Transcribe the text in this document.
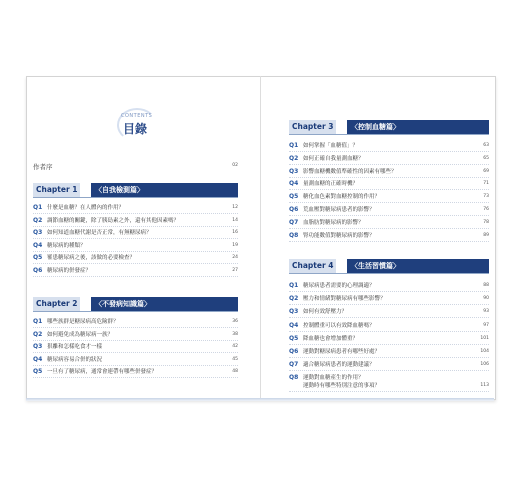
CONTENTS
目錄
作者序	02
Chapter 1	〈自我檢測篇〉
Q1 什麼是血糖？在人體內的作用？	12
Q2 調節血糖的關鍵，除了胰島素之外，還有其他因素嗎？	14
Q3 如何知道血糖代謝是否正常，有無糖尿病？	16
Q4 糖尿病的種類？	19
Q5 罹患糖尿病之後，該做的必要檢查？	24
Q6 糖尿病的併發症？	27
Chapter 2	〈不發病知識篇〉
Q1 哪些族群是糖尿病高危險群？	36
Q2 如何避免成為糖尿病一族？	38
Q3 狠離和怎樣吃食才一樣	42
Q4 糖尿病容易合併的狀況	45
Q5 一旦有了糖尿病，通常會連帶有哪些併發症？	48
Chapter 3	〈控制血糖篇〉
Q1 如何掌握「血糖值」？	63
Q2 如何正確自我量測血糖？	65
Q3 影響血糖機數值準確性的因素有哪些？	69
Q4 量測血糖的正確時機？	71
Q5 糖化血色素對血糖控制的作用？	73
Q6 荒血壓對糖尿病患者的影響？	76
Q7 血脂肪對糖尿病的影響？	78
Q8 腎功能數值對糖尿病的影響？	89
Chapter 4	〈生活習慣篇〉
Q1 糖尿病患者需要的心理調適？	88
Q2 壓力和情緒對糖尿病有哪些影響？	90
Q3 如何有效舒壓力？	93
Q4 控制體重可以有效降血糖嗎？	97
Q5 降血糖也會增加體重？	101
Q6 運動對糖尿病患者有哪些好處？	104
Q7 適合糖尿病患者的運動建議？	106
Q8 運動對血糖產生的作用？
運動時有哪些特別注意的事項？	113
